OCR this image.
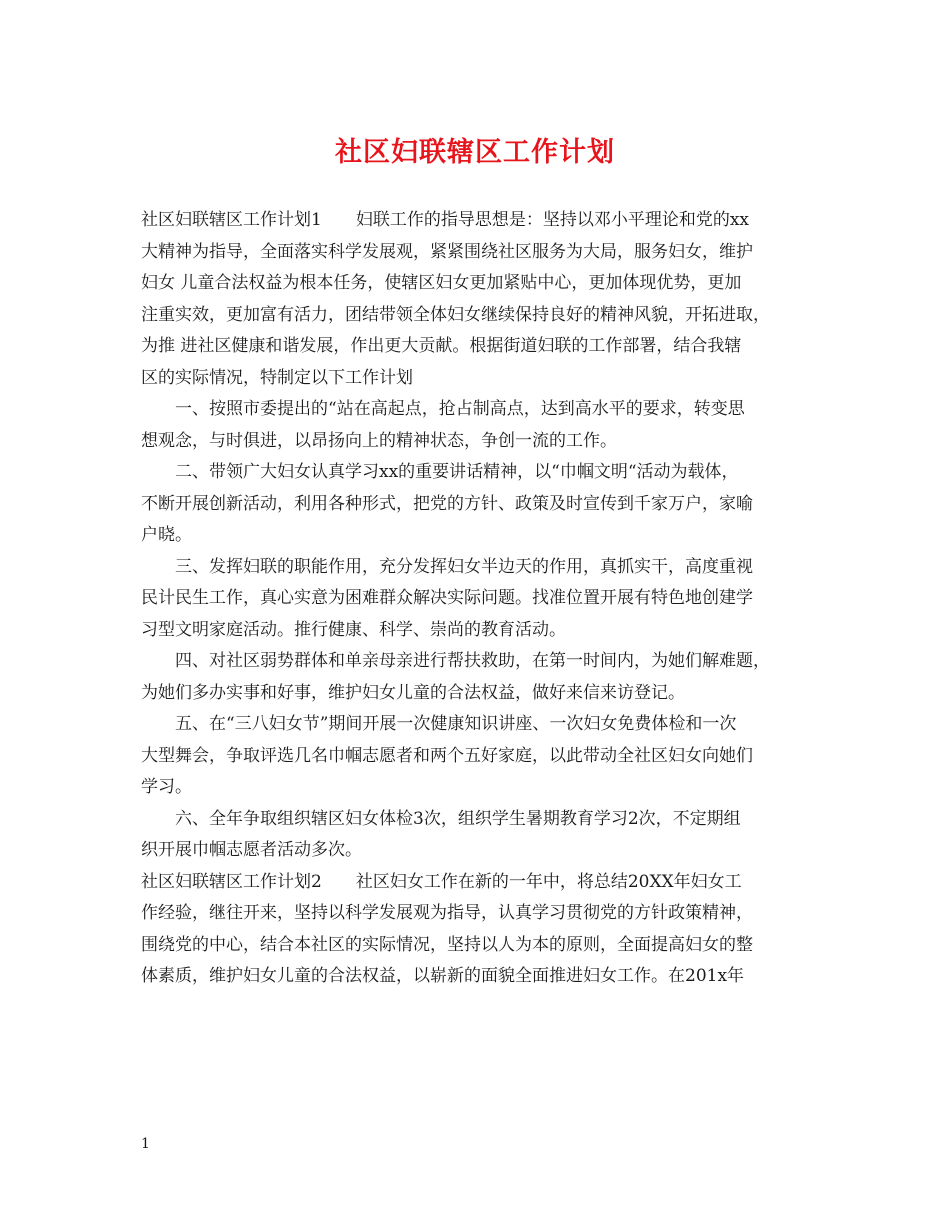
社区妇联辖区工作计划
社区妇联辖区工作计划1　　妇联工作的指导思想是：坚持以邓小平理论和党的xx
大精神为指导，全面落实科学发展观，紧紧围绕社区服务为大局，服务妇女，维护
妇女 儿童合法权益为根本任务，使辖区妇女更加紧贴中心，更加体现优势，更加
注重实效，更加富有活力，团结带领全体妇女继续保持良好的精神风貌，开拓进取，
为推 进社区健康和谐发展，作出更大贡献。根据街道妇联的工作部署，结合我辖
区的实际情况，特制定以下工作计划
一、按照市委提出的“站在高起点，抢占制高点，达到高水平的要求，转变思
想观念，与时俱进，以昂扬向上的精神状态，争创一流的工作。
二、带领广大妇女认真学习xx的重要讲话精神，以“巾帼文明“活动为载体，
不断开展创新活动，利用各种形式，把党的方针、政策及时宣传到千家万户，家喻
户晓。
三、发挥妇联的职能作用，充分发挥妇女半边天的作用，真抓实干，高度重视
民计民生工作，真心实意为困难群众解决实际问题。找准位置开展有特色地创建学
习型文明家庭活动。推行健康、科学、崇尚的教育活动。
四、对社区弱势群体和单亲母亲进行帮扶救助，在第一时间内，为她们解难题，
为她们多办实事和好事，维护妇女儿童的合法权益，做好来信来访登记。
五、在“三八妇女节”期间开展一次健康知识讲座、一次妇女免费体检和一次
大型舞会，争取评选几名巾帼志愿者和两个五好家庭，以此带动全社区妇女向她们
学习。
六、全年争取组织辖区妇女体检3次，组织学生暑期教育学习2次，不定期组
织开展巾帼志愿者活动多次。
社区妇联辖区工作计划2　　社区妇女工作在新的一年中，将总结20XX年妇女工
作经验，继往开来，坚持以科学发展观为指导，认真学习贯彻党的方针政策精神，
围绕党的中心，结合本社区的实际情况，坚持以人为本的原则，全面提高妇女的整
体素质，维护妇女儿童的合法权益，以崭新的面貌全面推进妇女工作。在201x年
1
